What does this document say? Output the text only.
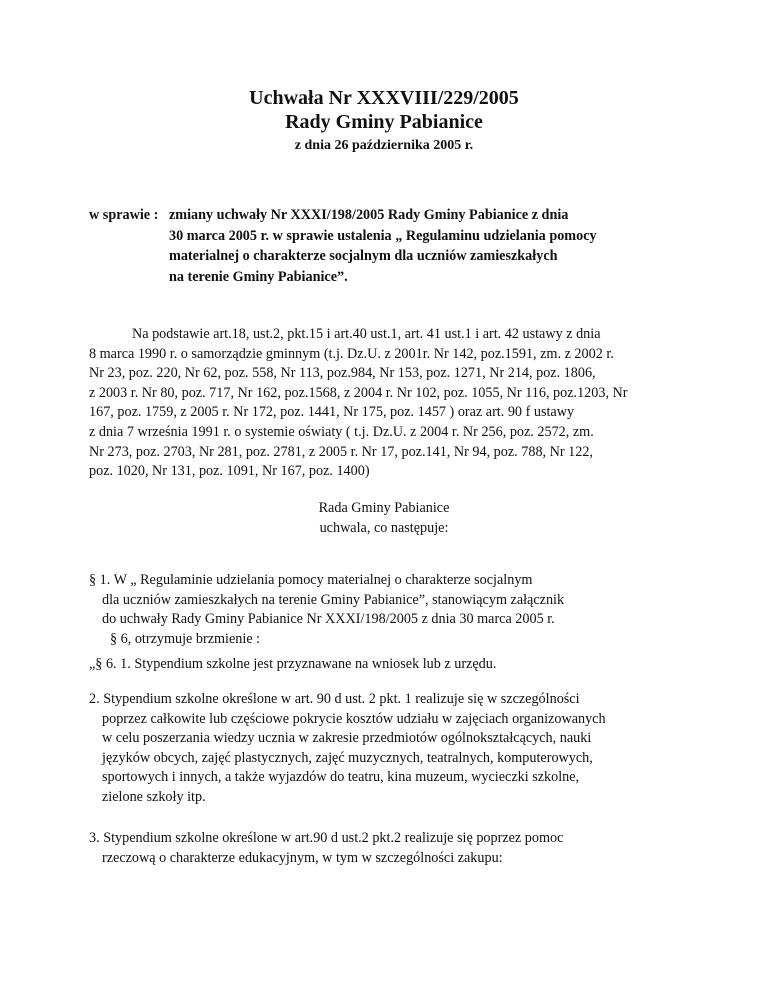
Uchwała Nr XXXVIII/229/2005
Rady Gminy Pabianice
z dnia 26 października 2005 r.
w sprawie : zmiany uchwały Nr XXXI/198/2005 Rady Gminy Pabianice z dnia
30 marca 2005 r. w sprawie ustalenia „ Regulaminu udzielania pomocy
materialnej o charakterze socjalnym dla uczniów zamieszkałych
na terenie Gminy Pabianice”.
Na podstawie art.18, ust.2, pkt.15 i art.40 ust.1, art. 41 ust.1 i art. 42 ustawy z dnia
8 marca 1990 r. o samorządzie gminnym (t.j. Dz.U. z 2001r. Nr 142, poz.1591, zm. z 2002 r.
Nr 23, poz. 220, Nr 62, poz. 558, Nr 113, poz.984, Nr 153, poz. 1271, Nr 214, poz. 1806,
z 2003 r. Nr 80, poz. 717, Nr 162, poz.1568, z 2004 r. Nr 102, poz. 1055, Nr 116, poz.1203, Nr
167, poz. 1759, z 2005 r. Nr 172, poz. 1441, Nr 175, poz. 1457 ) oraz art. 90 f ustawy
z dnia 7 września 1991 r. o systemie oświaty ( t.j. Dz.U. z 2004 r. Nr 256, poz. 2572, zm.
Nr 273, poz. 2703, Nr 281, poz. 2781, z 2005 r. Nr 17, poz.141, Nr 94, poz. 788, Nr 122,
poz. 1020, Nr 131, poz. 1091, Nr 167, poz. 1400)
Rada Gminy Pabianice
uchwala, co następuje:
§ 1. W „ Regulaminie udzielania pomocy materialnej o charakterze socjalnym
dla uczniów zamieszkałych na terenie Gminy Pabianice”, stanowiącym załącznik
do uchwały Rady Gminy Pabianice Nr XXXI/198/2005 z dnia 30 marca 2005 r.
§ 6, otrzymuje brzmienie :
„§ 6. 1. Stypendium szkolne jest przyznawane na wniosek lub z urzędu.
2. Stypendium szkolne określone w art. 90 d ust. 2 pkt. 1 realizuje się w szczególności
poprzez całkowite lub częściowe pokrycie kosztów udziału w zajęciach organizowanych
w celu poszerzania wiedzy ucznia w zakresie przedmiotów ogólnokształcących, nauki
języków obcych, zajęć plastycznych, zajęć muzycznych, teatralnych, komputerowych,
sportowych i innych, a także wyjazdów do teatru, kina muzeum, wycieczki szkolne,
zielone szkoły itp.
3. Stypendium szkolne określone w art.90 d ust.2 pkt.2 realizuje się poprzez pomoc
rzeczową o charakterze edukacyjnym, w tym w szczególności zakupu:
